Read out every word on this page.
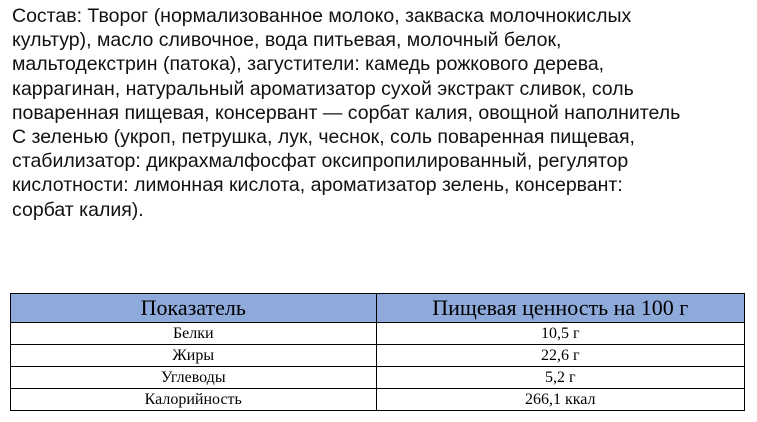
Состав: Творог (нормализованное молоко, закваска молочнокислых
культур), масло сливочное, вода питьевая, молочный белок,
мальтодекстрин (патока), загустители: камедь рожкового дерева,
каррагинан, натуральный ароматизатор сухой экстракт сливок, соль
поваренная пищевая, консервант — сорбат калия, овощной наполнитель
С зеленью (укроп, петрушка, лук, чеснок, соль поваренная пищевая,
стабилизатор: дикрахмалфосфат оксипропилированный, регулятор
кислотности: лимонная кислота, ароматизатор зелень, консервант:
сорбат калия).
Показатель	Пищевая ценность на 100 г
Белки	10,5 г
Жиры	22,6 г
Углеводы	5,2 г
Калорийность	266,1 ккал
